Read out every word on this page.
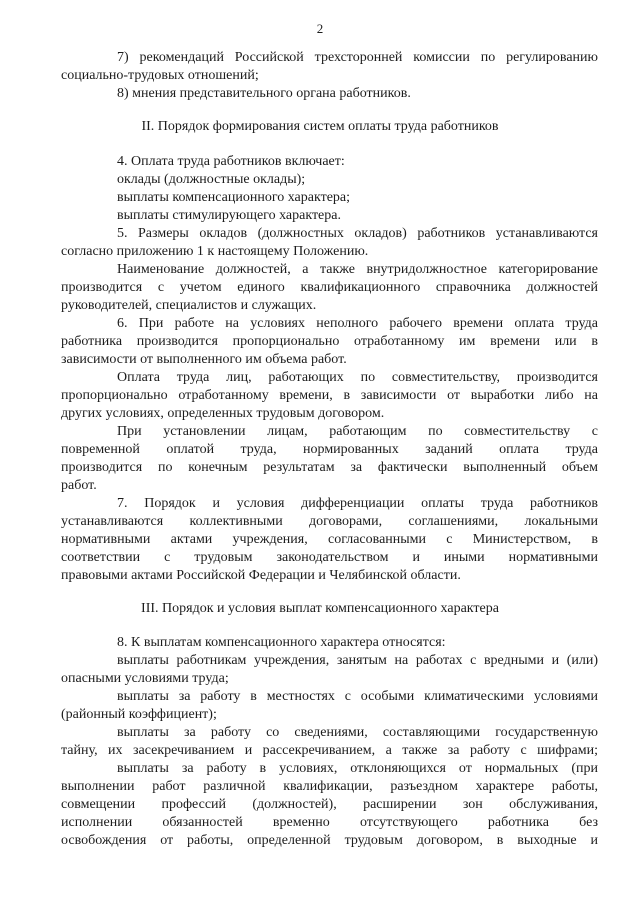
2
7) рекомендаций Российской трехсторонней комиссии по регулированию
социально-трудовых отношений;
8) мнения представительного органа работников.
II. Порядок формирования систем оплаты труда работников
4. Оплата труда работников включает:
оклады (должностные оклады);
выплаты компенсационного характера;
выплаты стимулирующего характера.
5. Размеры окладов (должностных окладов) работников устанавливаются
согласно приложению 1 к настоящему Положению.
Наименование должностей, а также внутридолжностное категорирование
производится с учетом единого квалификационного справочника должностей
руководителей, специалистов и служащих.
6. При работе на условиях неполного рабочего времени оплата труда
работника производится пропорционально отработанному им времени или в
зависимости от выполненного им объема работ.
Оплата труда лиц, работающих по совместительству, производится
пропорционально отработанному времени, в зависимости от выработки либо на
других условиях, определенных трудовым договором.
При установлении лицам, работающим по совместительству с
повременной оплатой труда, нормированных заданий оплата труда
производится по конечным результатам за фактически выполненный объем
работ.
7. Порядок и условия дифференциации оплаты труда работников
устанавливаются коллективными договорами, соглашениями, локальными
нормативными актами учреждения, согласованными с Министерством, в
соответствии с трудовым законодательством и иными нормативными
правовыми актами Российской Федерации и Челябинской области.
III. Порядок и условия выплат компенсационного характера
8. К выплатам компенсационного характера относятся:
выплаты работникам учреждения, занятым на работах с вредными и (или)
опасными условиями труда;
выплаты за работу в местностях с особыми климатическими условиями
(районный коэффициент);
выплаты за работу со сведениями, составляющими государственную
тайну, их засекречиванием и рассекречиванием, а также за работу с шифрами;
выплаты за работу в условиях, отклоняющихся от нормальных (при
выполнении работ различной квалификации, разъездном характере работы,
совмещении профессий (должностей), расширении зон обслуживания,
исполнении обязанностей временно отсутствующего работника без
освобождения от работы, определенной трудовым договором, в выходные и
